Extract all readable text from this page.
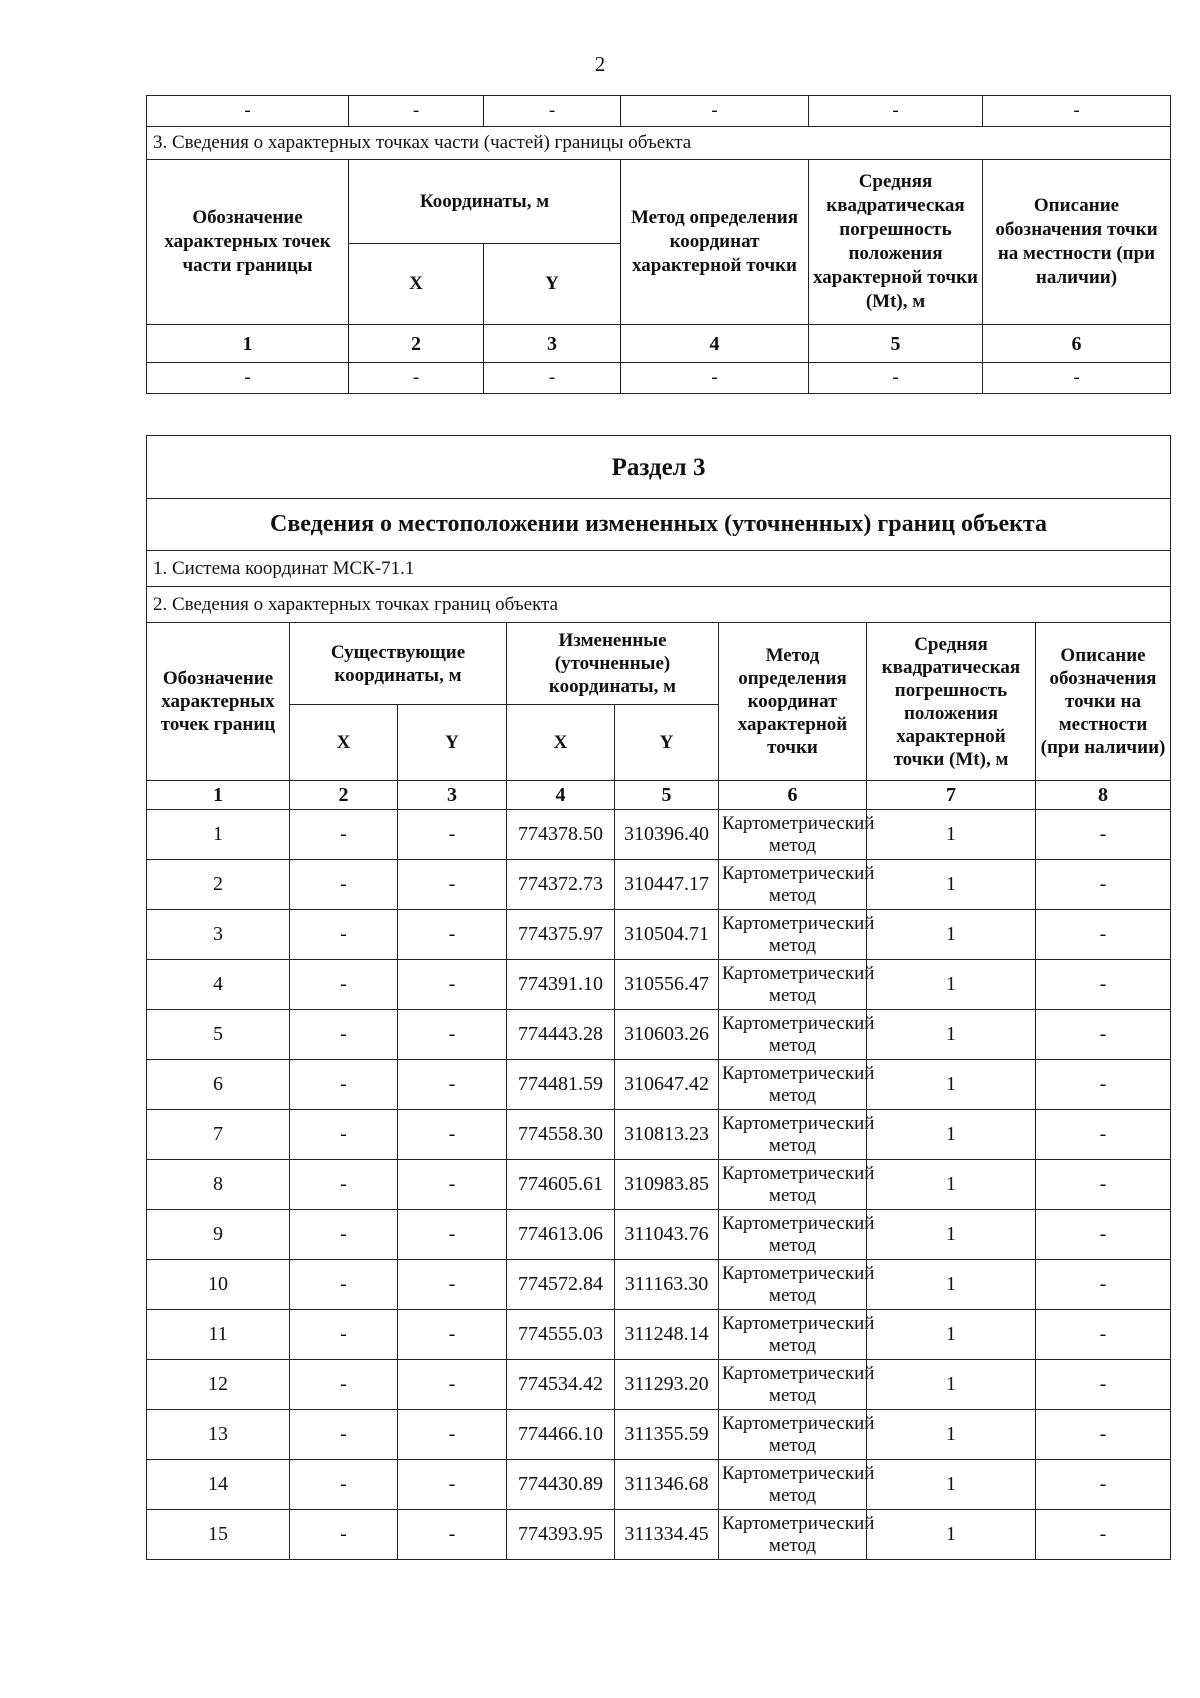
2
-	-	-	-	-	-
3. Сведения о характерных точках части (частей) границы объекта					
Обозначение характерных точек части границы	Координаты, м		Метод определения координат характерной точки	Средняя квадратическая погрешность положения характерной точки (Mt), м	Описание обозначения точки на местности (при наличии)
	X	Y			
1	2	3	4	5	6
-	-	-	-	-	-
Раздел 3							
Сведения о местоположении измененных (уточненных) границ объекта							
1. Система координат МСК-71.1							
2. Сведения о характерных точках границ объекта							
Обозначение характерных точек границ	Существующие координаты, м		Измененные (уточненные) координаты, м		Метод определения координат характерной точки	Средняя квадратическая погрешность положения характерной точки (Mt), м	Описание обозначения точки на местности (при наличии)
	X	Y	X	Y			
1	2	3	4	5	6	7	8
1	-	-	774378.50	310396.40	Картометрический метод	1	-
2	-	-	774372.73	310447.17	Картометрический метод	1	-
3	-	-	774375.97	310504.71	Картометрический метод	1	-
4	-	-	774391.10	310556.47	Картометрический метод	1	-
5	-	-	774443.28	310603.26	Картометрический метод	1	-
6	-	-	774481.59	310647.42	Картометрический метод	1	-
7	-	-	774558.30	310813.23	Картометрический метод	1	-
8	-	-	774605.61	310983.85	Картометрический метод	1	-
9	-	-	774613.06	311043.76	Картометрический метод	1	-
10	-	-	774572.84	311163.30	Картометрический метод	1	-
11	-	-	774555.03	311248.14	Картометрический метод	1	-
12	-	-	774534.42	311293.20	Картометрический метод	1	-
13	-	-	774466.10	311355.59	Картометрический метод	1	-
14	-	-	774430.89	311346.68	Картометрический метод	1	-
15	-	-	774393.95	311334.45	Картометрический метод	1	-
